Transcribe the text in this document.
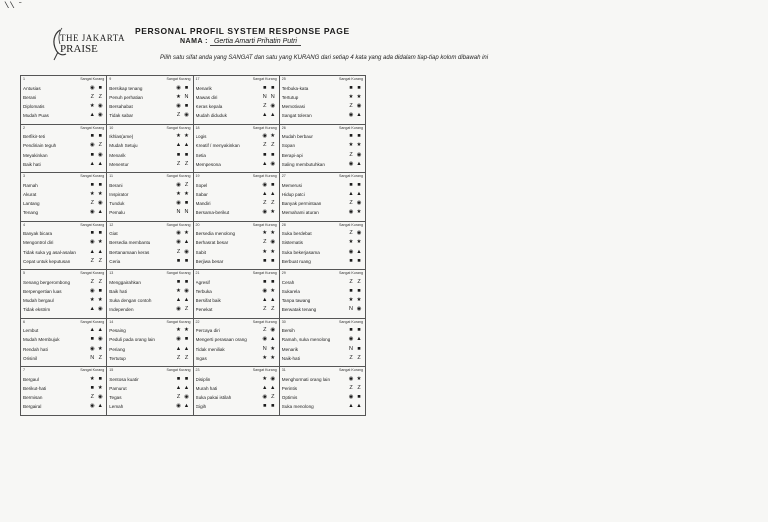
\\ ̄
THE JAKARTA
PRAISE
PERSONAL PROFIL SYSTEM RESPONSE PAGE
NAMA : Gertia Amarti Prihatin Putri
Pilih satu sifat anda yang SANGAT dan satu yang KURANG dari setiap 4 kata yang ada didalam tiap-tiap kolom dibawah ini
1	Sangat Kurang
Antusias	◉ ■
Berani	Z Z
Diplomatis	★ ◉
Mudah Puas	▲ ◉
9	Sangat Kurang
Bersikap tenang	◉ ■
Penuh perhatian	★ N
Bersahabat	◉ ■
Tidak sabar	Z ◉
17	Sangat Kurang
Menarik	■ ■
Mawas diri	N N
Keras kepala	Z ◉
Mudah diduduk	▲ ▲
25	Sangat Kurang
Terbuka-kata	■ ■
Tertutup	★ ★
Memotivasi	Z ◉
Sangat toleran	◉ ▲
2	Sangat Kurang
Berfikir-teti	■ ■
Pendiriain teguh	◉ Z
Meyakinkan	■ ◉
Baik hati	▲ ▲
10	Sangat Kurang
Ikhlas(ame)	★ ★
Mudah Setuju	▲ ▲
Menarik	■ ■
Menentur	Z Z
18	Sangat Kurang
Logis	◉ ★
Kreatif / menyakinkan	Z Z
Setia	■ ■
Mempesona	▲ ◉
26	Sangat Kurang
Mudah berbaur	■ ■
Sopan	★ ★
Berapi-api	Z ◉
Saling membutuhkan	◉ ▲
3	Sangat Kurang
Ramah	■ ■
Akurat	★ ★
Lantang	Z ◉
Tenang	◉ ▲
11	Sangat Kurang
Berani	◉ Z
Inspirator	★ ★
Tunduk	◉ ■
Pemalu	N N
19	Sangat Kurang
Sopel	◉ ■
Sabar	▲ ▲
Mandiri	Z Z
Bersama-berikut	◉ ★
27	Sangat Kurang
Memerusi	■ ■
Hidup patci	▲ ▲
Banyak permintaan	Z ◉
Memahami aturan	◉ ★
4	Sangat Kurang
Banyak bicara	■ ■
Mengontrol diri	◉ ★
Tidak suka yg asal-asalan	▲ ▲
Cepat untuk keputusan	Z Z
12	Sangat Kurang
Giat	◉ ★
Bersedia membantu	◉ ▲
Bertanamaan keras	Z ◉
Ceria	■ ■
20	Sangat Kurang
Bersedia menolong	★ ★
Berhasrat besar	Z ◉
Sabit	★ ★
Berjiwa besar	■ ■
28	Sangat Kurang
Suka berdebat	Z ◉
Sistematis	★ ★
Suka bekerjasama	◉ ▲
Berbuat ruang	■ ■
5	Sangat Kurang
Senang bergerombong	Z Z
Berpengertian luas	◉ ■
Mudah bergaul	★ ★
Tidak ekstrim	▲ ◉
13	Sangat Kurang
Menggairahkan	■ ■
Baik hati	★ ◉
Suka dengan contoh	▲ ▲
Independen	◉ Z
21	Sangat Kurang
Agresif	■ ■
Terbuka	◉ ★
Bersifat baik	▲ ▲
Penekat	Z Z
29	Sangat Kurang
Cerah	Z Z
Sukarela	■ ■
Tanpa tawang	★ ★
Berwatak tenang	N ◉
6	Sangat Kurang
Lembut	▲ ▲
Mudah Membujuk	■ ◉
Rendah hati	◉ ★
Orisinil	N Z
14	Sangat Kurang
Pesaing	★ ★
Peduli pada orang lain	◉ ■
Periang	▲ ▲
Tertutup	Z Z
22	Sangat Kurang
Percaya diri	Z ◉
Mengerti perasaan orang	◉ ▲
Tidak meniliak	N ★
Ingas	★ ★
30	Sangat Kurang
Bersih	■ ■
Ramah, suka menolong	◉ ▲
Menarik	N ■
Naik-hati	Z Z
7	Sangat Kurang
Bergaul	★ ■
Berikut-hati	■ ★
Bermisan	Z ◉
Bergairal	◉ ▲
15	Sangat Kurang
Sentosa kuatir	■ ■
Pamurut	▲ ▲
Tegas	Z ◉
Lemah	◉ ▲
23	Sangat Kurang
Disiplin	★ ◉
Murah hati	▲ ▲
Suka pakai istilah	◉ Z
Gigih	■ ■
31	Sangat Kurang
Menghormati orang lain	◉ ★
Perintis	Z Z
Optimis	◉ ■
Suka menolong	▲ ▲
